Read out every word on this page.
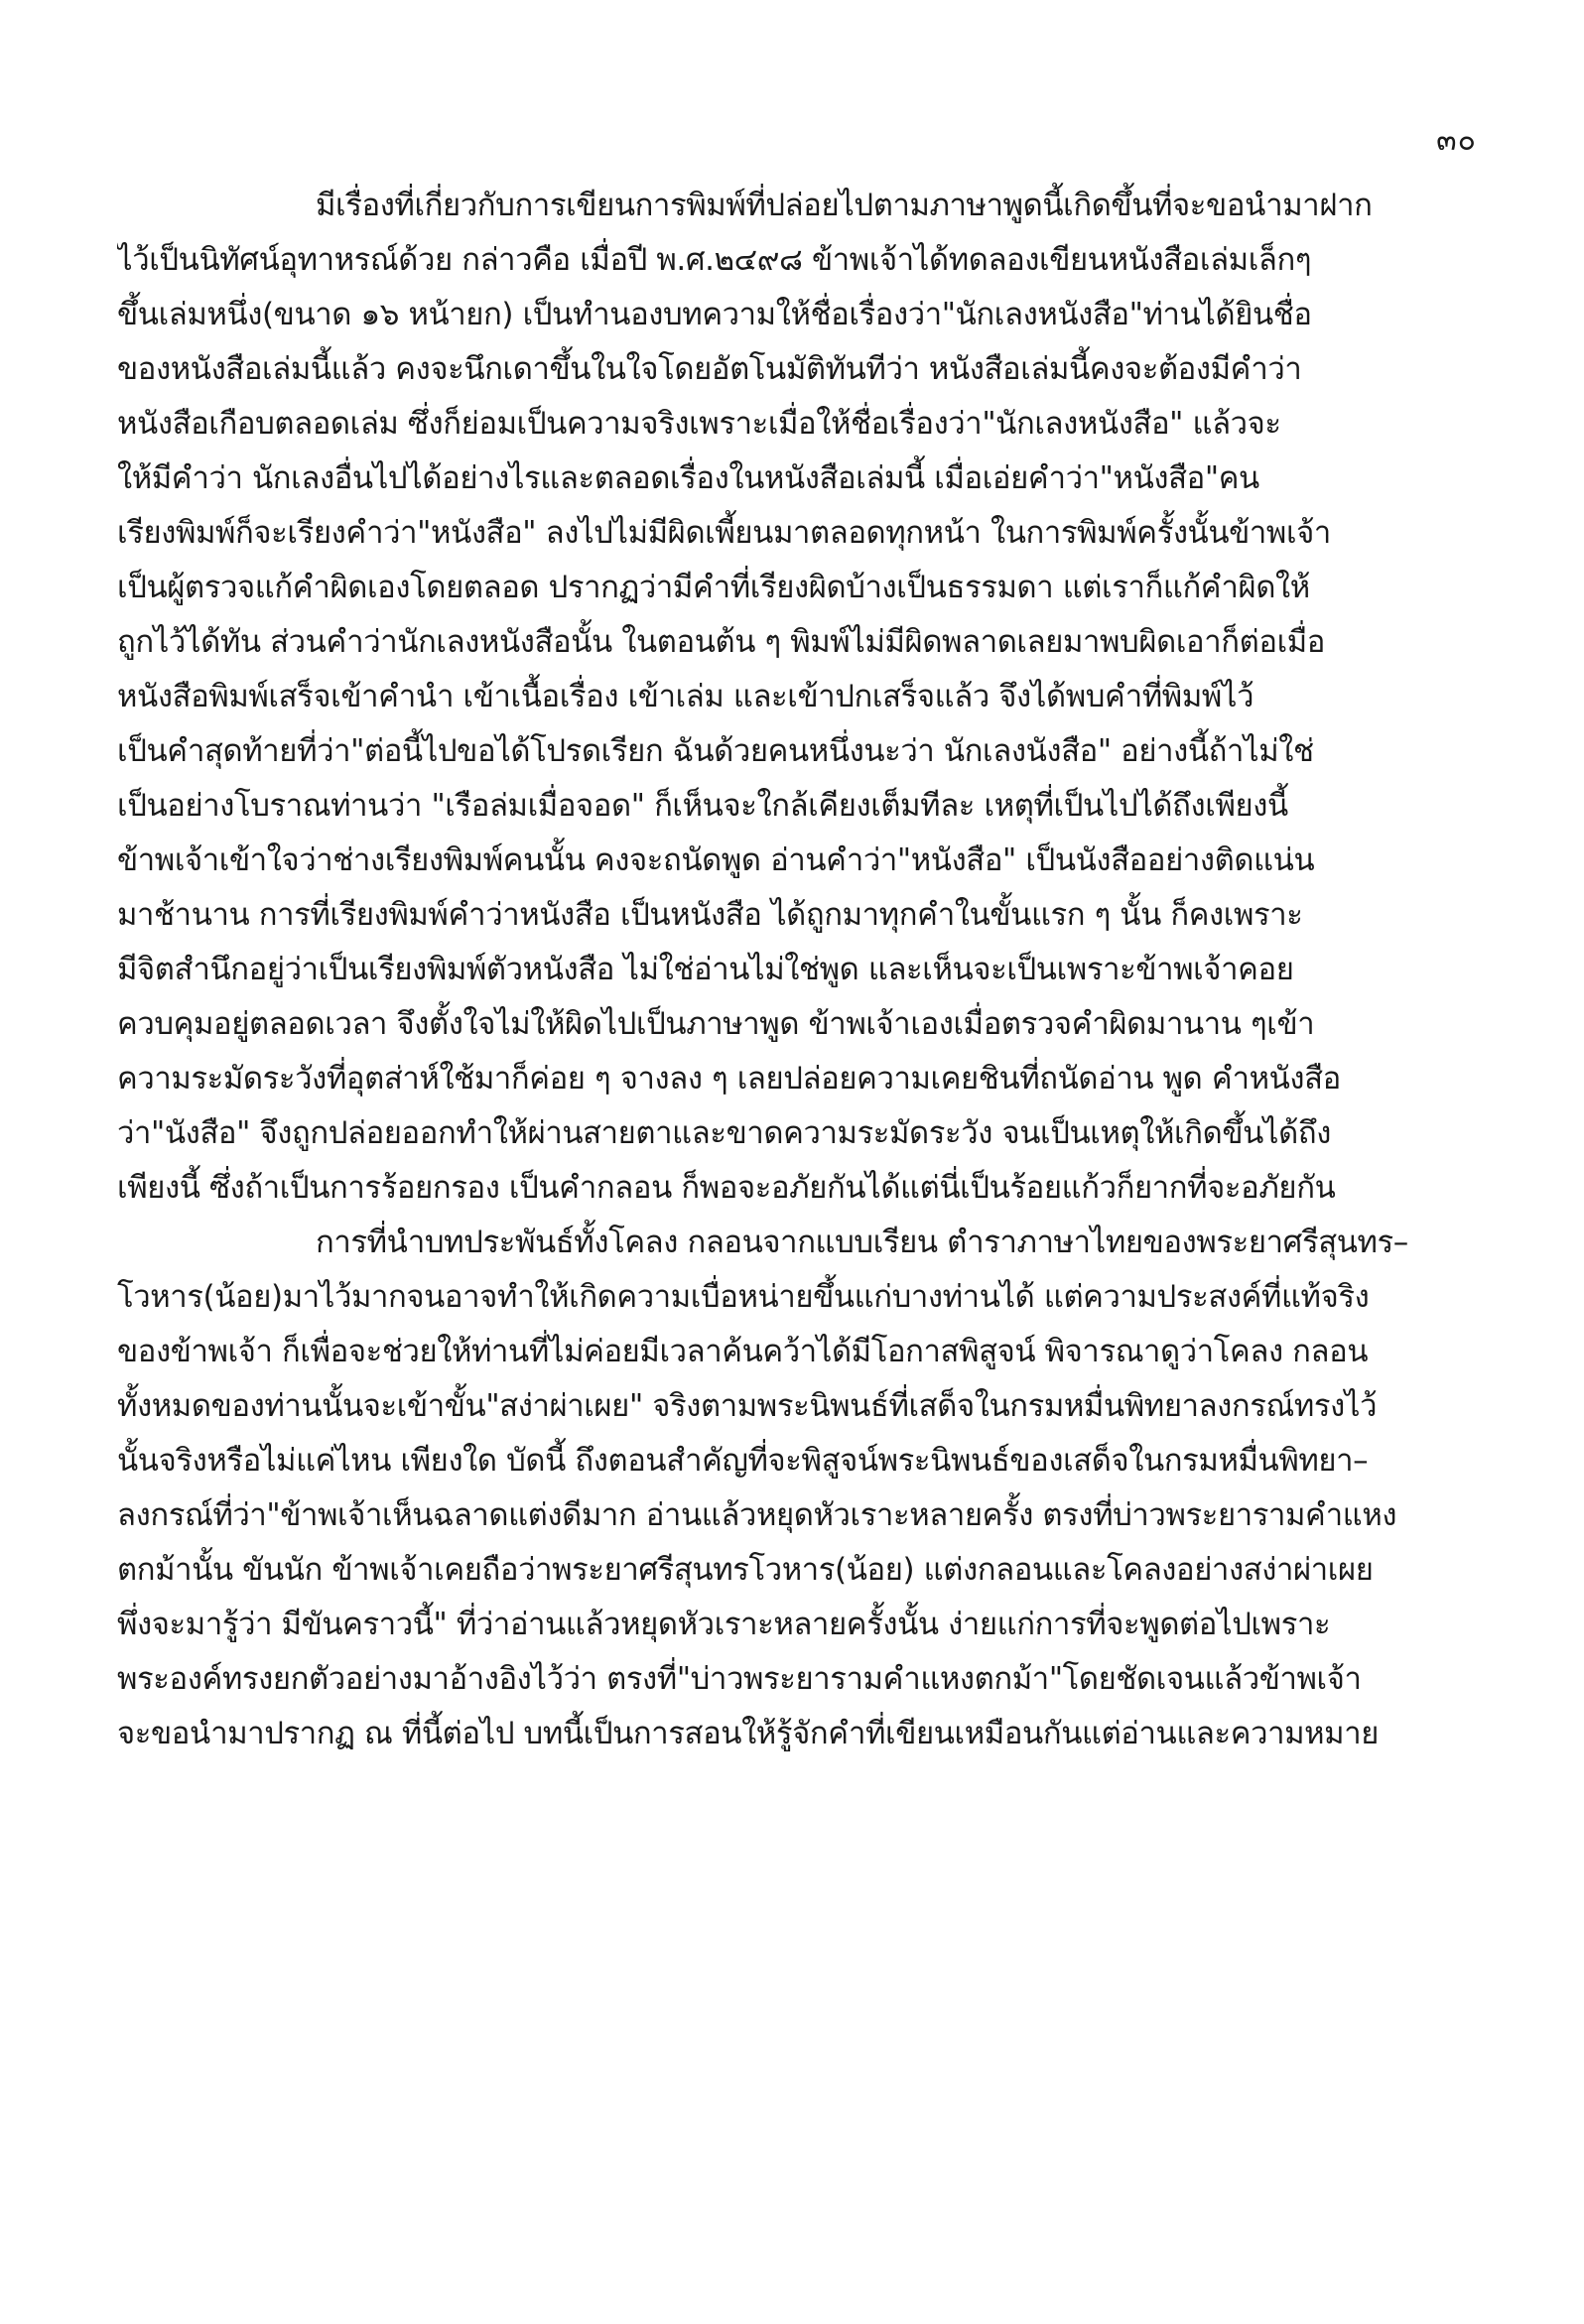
๓๐
มีเรื่องที่เกี่ยวกับการเขียนการพิมพ์ที่ปล่อยไปตามภาษาพูดนี้เกิดขึ้นที่จะขอนำมาฝาก
ไว้เป็นนิทัศน์อุทาหรณ์ด้วย กล่าวคือ เมื่อปี พ.ศ.๒๔๙๘ ข้าพเจ้าได้ทดลองเขียนหนังสือเล่มเล็กๆ
ขึ้นเล่มหนึ่ง(ขนาด ๑๖ หน้ายก) เป็นทำนองบทความให้ชื่อเรื่องว่า"นักเลงหนังสือ"ท่านได้ยินชื่อ
ของหนังสือเล่มนี้แล้ว คงจะนึกเดาขึ้นในใจโดยอัตโนมัติทันทีว่า หนังสือเล่มนี้คงจะต้องมีคำว่า
หนังสือเกือบตลอดเล่ม ซึ่งก็ย่อมเป็นความจริงเพราะเมื่อให้ชื่อเรื่องว่า"นักเลงหนังสือ" แล้วจะ
ให้มีคำว่า นักเลงอื่นไปได้อย่างไรและตลอดเรื่องในหนังสือเล่มนี้ เมื่อเอ่ยคำว่า"หนังสือ"คน
เรียงพิมพ์ก็จะเรียงคำว่า"หนังสือ" ลงไปไม่มีผิดเพี้ยนมาตลอดทุกหน้า ในการพิมพ์ครั้งนั้นข้าพเจ้า
เป็นผู้ตรวจแก้คำผิดเองโดยตลอด ปรากฏว่ามีคำที่เรียงผิดบ้างเป็นธรรมดา แต่เราก็แก้คำผิดให้
ถูกไว้ได้ทัน ส่วนคำว่านักเลงหนังสือนั้น ในตอนต้น ๆ พิมพ์ไม่มีผิดพลาดเลยมาพบผิดเอาก็ต่อเมื่อ
หนังสือพิมพ์เสร็จเข้าคำนำ เข้าเนื้อเรื่อง เข้าเล่ม และเข้าปกเสร็จแล้ว จึงได้พบคำที่พิมพ์ไว้
เป็นคำสุดท้ายที่ว่า"ต่อนี้ไปขอได้โปรดเรียก ฉันด้วยคนหนึ่งนะว่า นักเลงนังสือ" อย่างนี้ถ้าไม่ใช่
เป็นอย่างโบราณท่านว่า "เรือล่มเมื่อจอด" ก็เห็นจะใกล้เคียงเต็มทีละ เหตุที่เป็นไปได้ถึงเพียงนี้
ข้าพเจ้าเข้าใจว่าช่างเรียงพิมพ์คนนั้น คงจะถนัดพูด อ่านคำว่า"หนังสือ" เป็นนังสืออย่างติดแน่น
มาช้านาน การที่เรียงพิมพ์คำว่าหนังสือ เป็นหนังสือ ได้ถูกมาทุกคำในขั้นแรก ๆ นั้น ก็คงเพราะ
มีจิตสำนึกอยู่ว่าเป็นเรียงพิมพ์ตัวหนังสือ ไม่ใช่อ่านไม่ใช่พูด และเห็นจะเป็นเพราะข้าพเจ้าคอย
ควบคุมอยู่ตลอดเวลา จึงตั้งใจไม่ให้ผิดไปเป็นภาษาพูด ข้าพเจ้าเองเมื่อตรวจคำผิดมานาน ๆเข้า
ความระมัดระวังที่อุตส่าห์ใช้มาก็ค่อย ๆ จางลง ๆ เลยปล่อยความเคยชินที่ถนัดอ่าน พูด คำหนังสือ
ว่า"นังสือ" จึงถูกปล่อยออกทำให้ผ่านสายตาและขาดความระมัดระวัง จนเป็นเหตุให้เกิดขึ้นได้ถึง
เพียงนี้ ซึ่งถ้าเป็นการร้อยกรอง เป็นคำกลอน ก็พอจะอภัยกันได้แต่นี่เป็นร้อยแก้วก็ยากที่จะอภัยกัน
การที่นำบทประพันธ์ทั้งโคลง กลอนจากแบบเรียน ตำราภาษาไทยของพระยาศรีสุนทร–
โวหาร(น้อย)มาไว้มากจนอาจทำให้เกิดความเบื่อหน่ายขึ้นแก่บางท่านได้ แต่ความประสงค์ที่แท้จริง
ของข้าพเจ้า ก็เพื่อจะช่วยให้ท่านที่ไม่ค่อยมีเวลาค้นคว้าได้มีโอกาสพิสูจน์ พิจารณาดูว่าโคลง กลอน
ทั้งหมดของท่านนั้นจะเข้าขั้น"สง่าผ่าเผย" จริงตามพระนิพนธ์ที่เสด็จในกรมหมื่นพิทยาลงกรณ์ทรงไว้
นั้นจริงหรือไม่แค่ไหน เพียงใด บัดนี้ ถึงตอนสำคัญที่จะพิสูจน์พระนิพนธ์ของเสด็จในกรมหมื่นพิทยา–
ลงกรณ์ที่ว่า"ข้าพเจ้าเห็นฉลาดแต่งดีมาก อ่านแล้วหยุดหัวเราะหลายครั้ง ตรงที่บ่าวพระยารามคำแหง
ตกม้านั้น ขันนัก ข้าพเจ้าเคยถือว่าพระยาศรีสุนทรโวหาร(น้อย) แต่งกลอนและโคลงอย่างสง่าผ่าเผย
พึ่งจะมารู้ว่า มีขันคราวนี้" ที่ว่าอ่านแล้วหยุดหัวเราะหลายครั้งนั้น ง่ายแก่การที่จะพูดต่อไปเพราะ
พระองค์ทรงยกตัวอย่างมาอ้างอิงไว้ว่า ตรงที่"บ่าวพระยารามคำแหงตกม้า"โดยชัดเจนแล้วข้าพเจ้า
จะขอนำมาปรากฏ ณ ที่นี้ต่อไป บทนี้เป็นการสอนให้รู้จักคำที่เขียนเหมือนกันแต่อ่านและความหมาย
